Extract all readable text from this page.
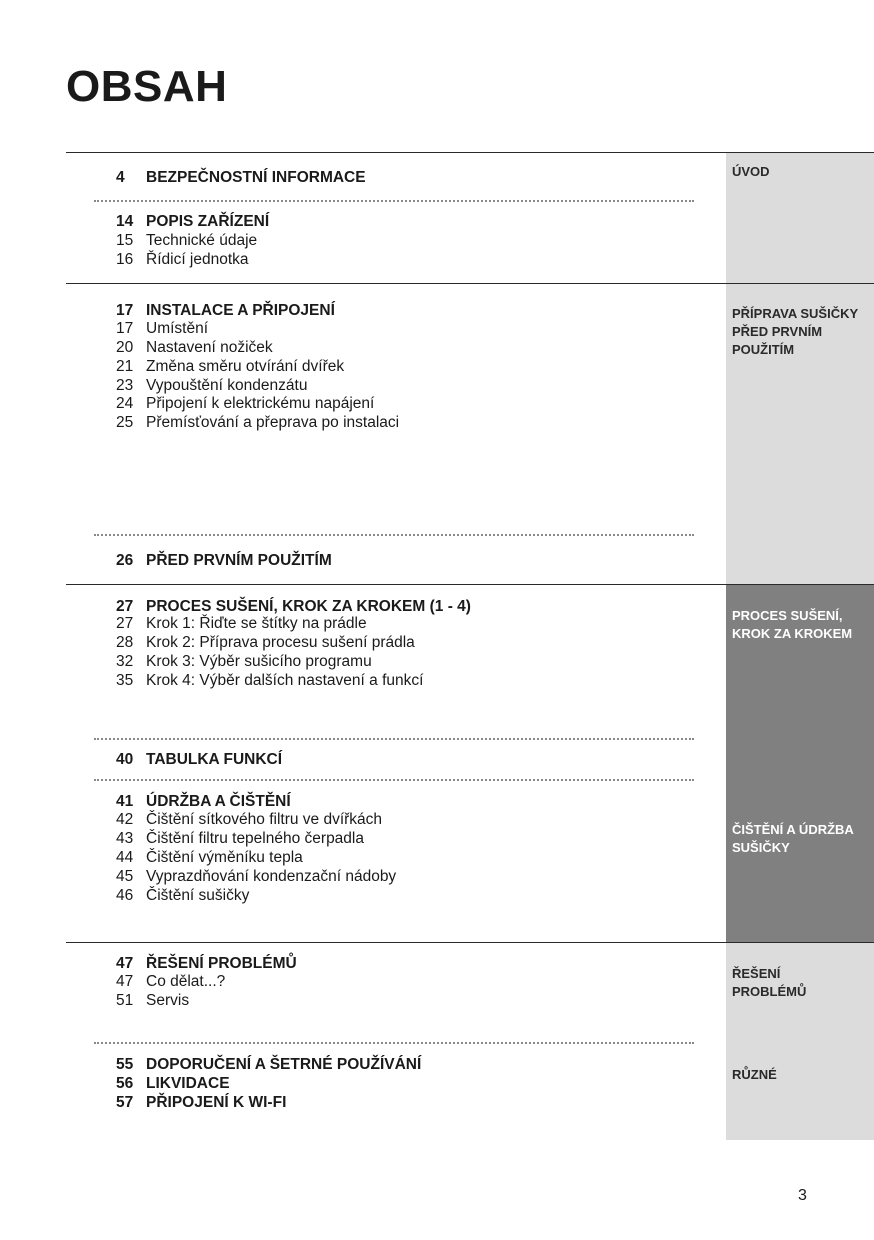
OBSAH
ÚVOD
PŘÍPRAVA SUŠIČKY
PŘED PRVNÍM
POUŽITÍM
PROCES SUŠENÍ,
KROK ZA KROKEM
ČIŠTĚNÍ A ÚDRŽBA
SUŠIČKY
ŘEŠENÍ
PROBLÉMŮ
RŮZNÉ
4 BEZPEČNOSTNÍ INFORMACE
14 POPIS ZAŘÍZENÍ
15 Technické údaje
16 Řídicí jednotka
17 INSTALACE A PŘIPOJENÍ
17 Umístění
20 Nastavení nožiček
21 Změna směru otvírání dvířek
23 Vypouštění kondenzátu
24 Připojení k elektrickému napájení
25 Přemísťování a přeprava po instalaci
26 PŘED PRVNÍM POUŽITÍM
27 PROCES SUŠENÍ, KROK ZA KROKEM (1 - 4)
27 Krok 1: Řiďte se štítky na prádle
28 Krok 2: Příprava procesu sušení prádla
32 Krok 3: Výběr sušicího programu
35 Krok 4: Výběr dalších nastavení a funkcí
40 TABULKA FUNKCÍ
41 ÚDRŽBA A ČIŠTĚNÍ
42 Čištění sítkového filtru ve dvířkách
43 Čištění filtru tepelného čerpadla
44 Čištění výměníku tepla
45 Vyprazdňování kondenzační nádoby
46 Čištění sušičky
47 ŘEŠENÍ PROBLÉMŮ
47 Co dělat...?
51 Servis
55 DOPORUČENÍ A ŠETRNÉ POUŽÍVÁNÍ
56 LIKVIDACE
57 PŘIPOJENÍ K WI-FI
3
